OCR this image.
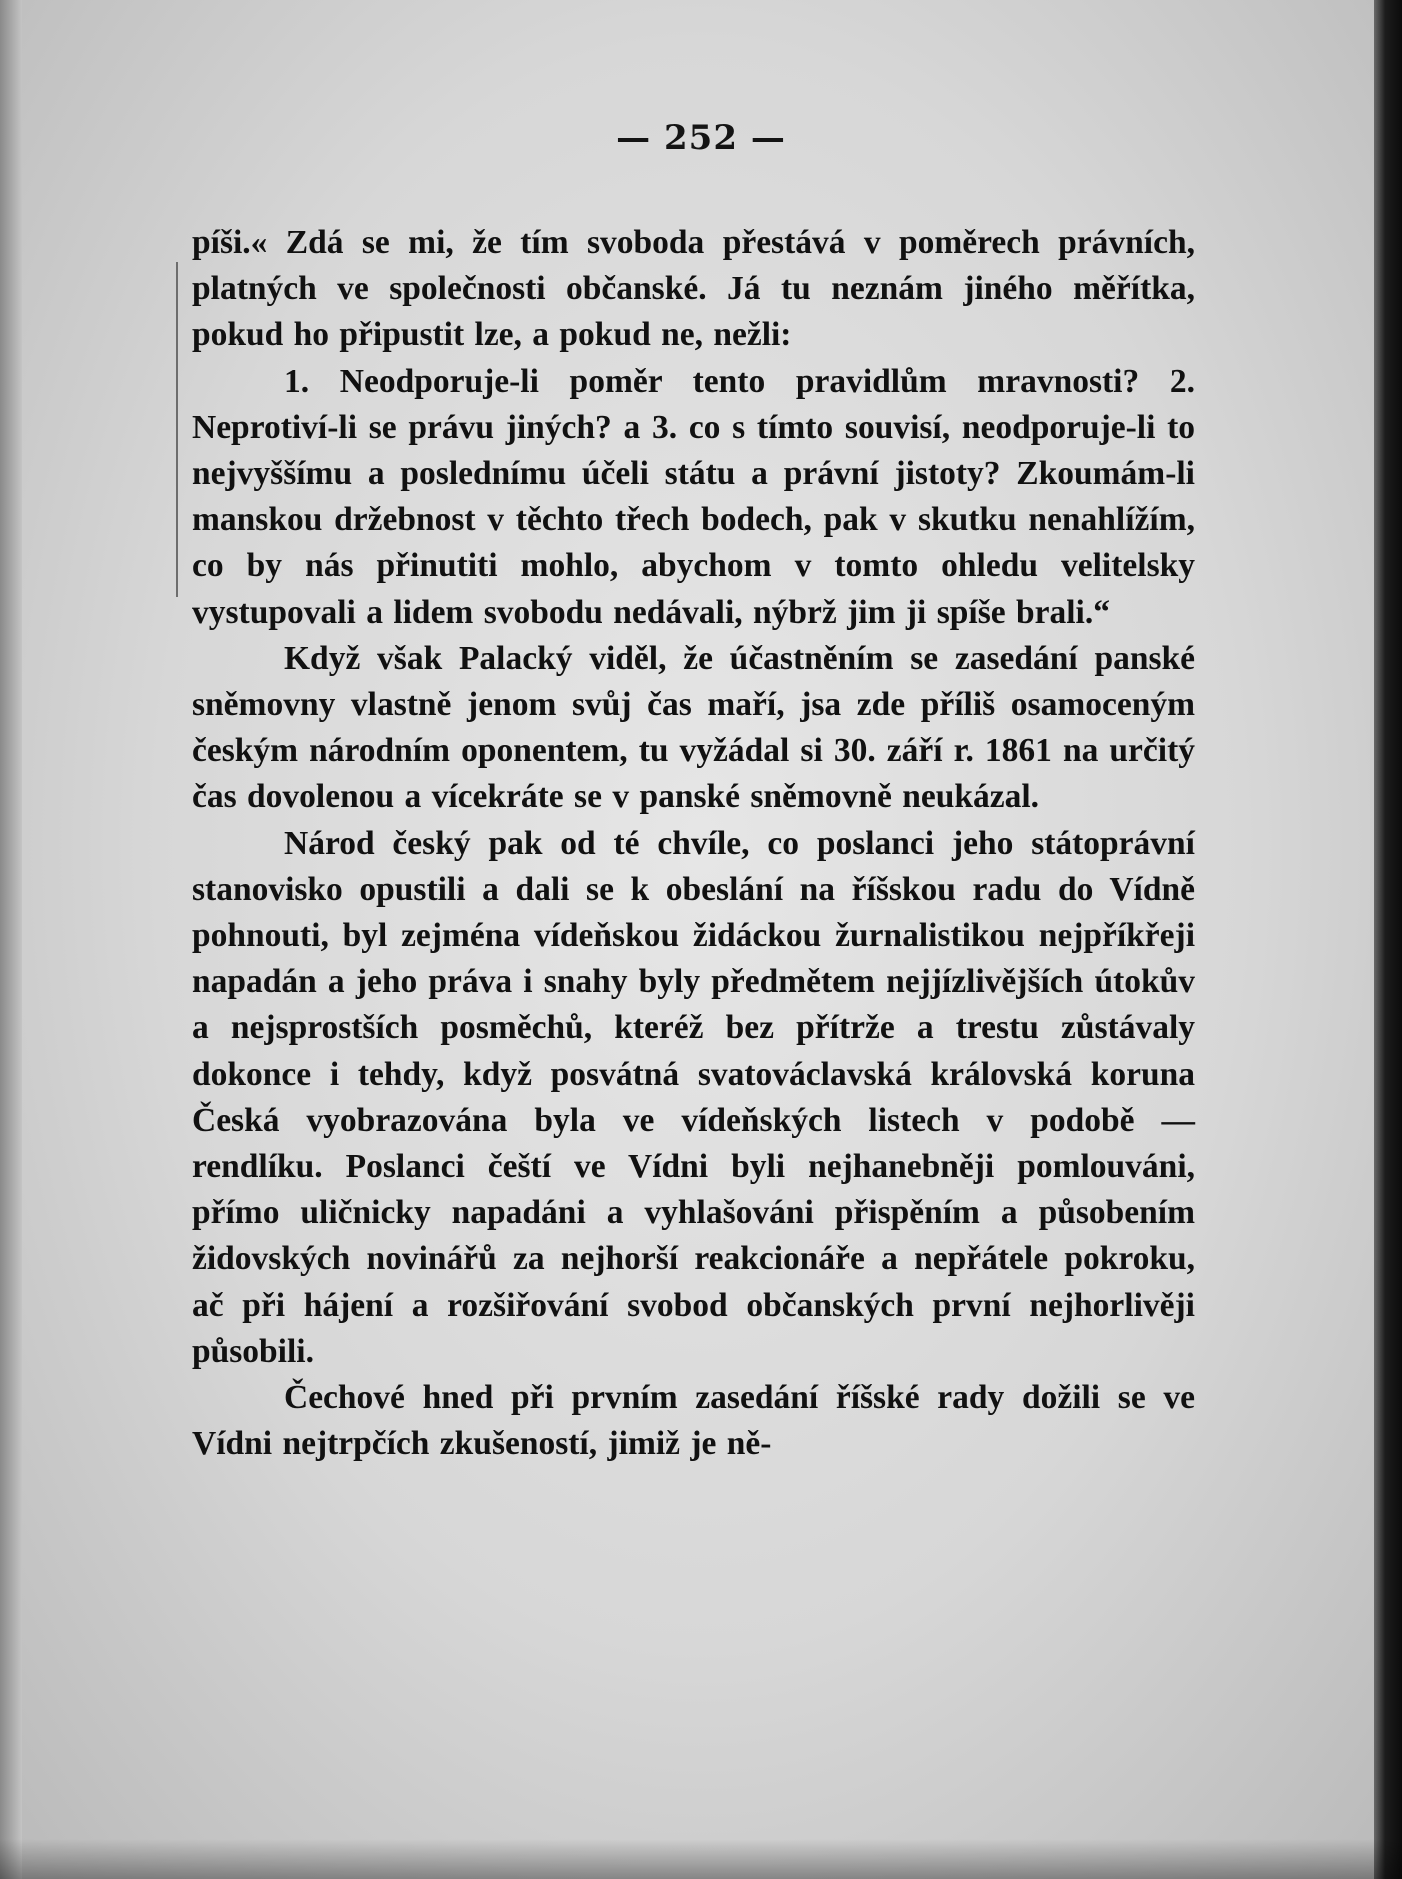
— 252 —

píši.« Zdá se mi, že tím svoboda přestává v poměrech právních, platných ve společnosti občanské. Já tu neznám jiného měřítka, pokud ho připustit lze, a pokud ne, nežli:

1. Neodporuje-li poměr tento pravidlům mravnosti? 2. Neprotiví-li se právu jiných? a 3. co s tímto souvisí, neodporuje-li to nejvyššímu a poslednímu účeli státu a právní jistoty? Zkoumám-li manskou držebnost v těchto třech bodech, pak v skutku nenahlížím, co by nás přinutiti mohlo, abychom v tomto ohledu velitelsky vystupovali a lidem svobodu nedávali, nýbrž jim ji spíše brali.“

Když však Palacký viděl, že účastněním se zasedání panské sněmovny vlastně jenom svůj čas maří, jsa zde příliš osamoceným českým národním oponentem, tu vyžádal si 30. září r. 1861 na určitý čas dovolenou a vícekráte se v panské sněmovně neukázal.

Národ český pak od té chvíle, co poslanci jeho státoprávní stanovisko opustili a dali se k obeslání na říšskou radu do Vídně pohnouti, byl zejména vídeňskou židáckou žurnalistikou nejpříkřeji napadán a jeho práva i snahy byly předmětem nejjízlivějších útokův a nejsprostších posměchů, kteréž bez přítrže a trestu zůstávaly dokonce i tehdy, když posvátná svatováclavská královská koruna Česká vyobrazována byla ve vídeňských listech v podobě — rendlíku. Poslanci čeští ve Vídni byli nejhanebněji pomlouváni, přímo uličnicky napadáni a vyhlašováni přispěním a působením židovských novinářů za nejhorší reakcionáře a nepřátele pokroku, ač při hájení a rozšiřování svobod občanských první nejhorlivěji působili.

Čechové hned při prvním zasedání říšské rady dožili se ve Vídni nejtrpčích zkušeností, jimiž je ně-
